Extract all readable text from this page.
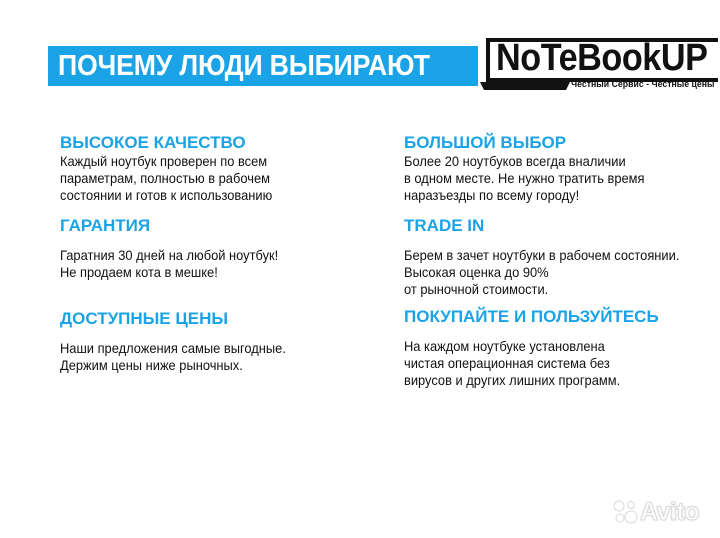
ПОЧЕМУ ЛЮДИ ВЫБИРАЮТ NoTeBookUP
Честный Сервис - Честные цены
ВЫСОКОЕ КАЧЕСТВО
Каждый ноутбук проверен по всем
параметрам, полностью в рабочем
состоянии и готов к использованию
БОЛЬШОЙ ВЫБОР
Более 20 ноутбуков всегда вналичии
в одном месте. Не нужно тратить время
наразъезды по всему городу!
ГАРАНТИЯ
Гаратния 30 дней на любой ноутбук!
Не продаем кота в мешке!
TRADE IN
Берем в зачет ноутбуки в рабочем состоянии.
Высокая оценка до 90%
от рыночной стоимости.
ДОСТУПНЫЕ ЦЕНЫ
Наши предложения самые выгодные.
Держим цены ниже рыночных.
ПОКУПАЙТЕ И ПОЛЬЗУЙТЕСЬ
На каждом ноутбуке установлена
чистая операционная система без
вирусов и других лишних программ.
Avito
